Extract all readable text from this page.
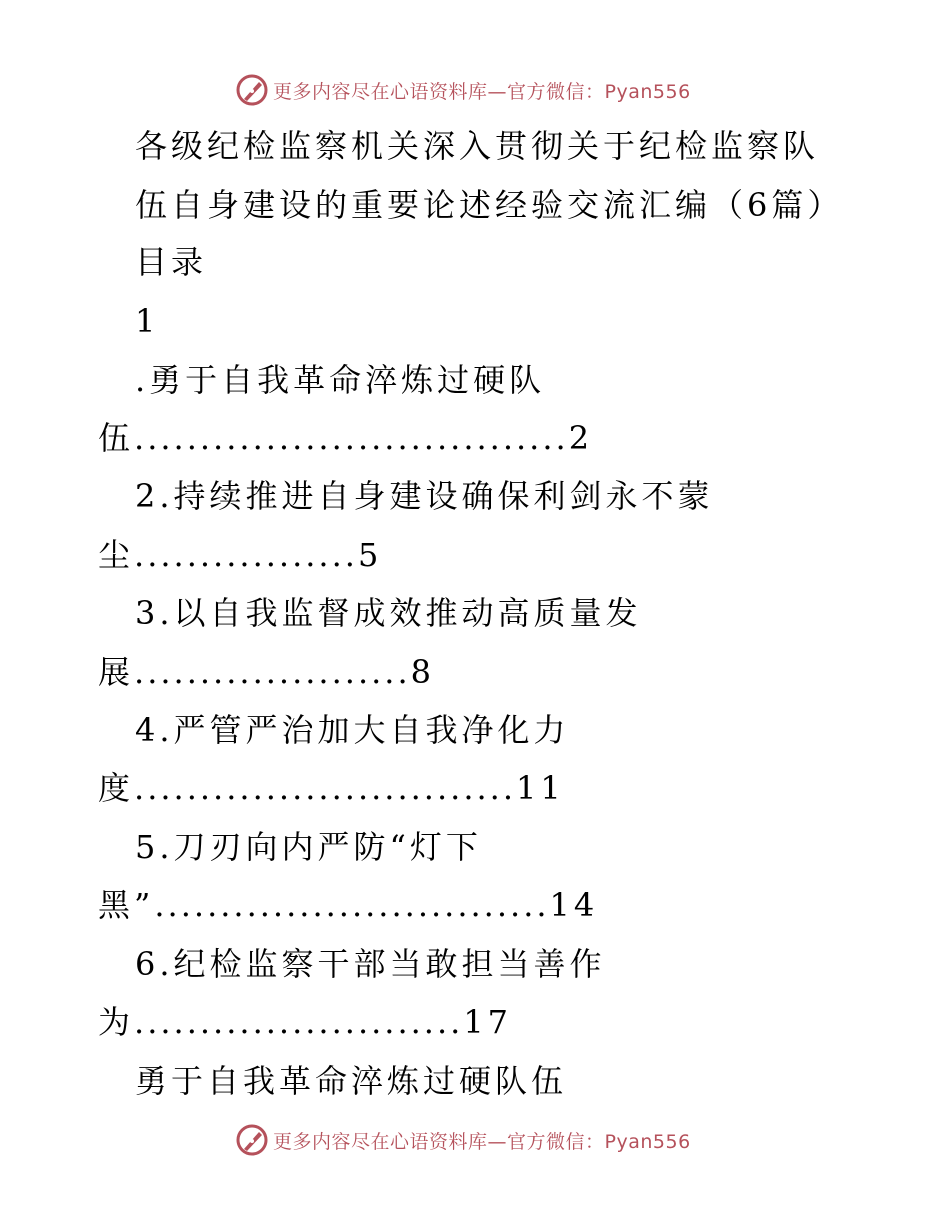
更多内容尽在心语资料库—官方微信：Pyan556
各级纪检监察机关深入贯彻关于纪检监察队
伍自身建设的重要论述经验交流汇编（6篇）
目录
1
.勇于自我革命淬炼过硬队
伍.................................2
2.持续推进自身建设确保利剑永不蒙
尘.................5
3.以自我监督成效推动高质量发
展.....................8
4.严管严治加大自我净化力
度.............................11
5.刀刃向内严防“灯下
黑”..............................14
6.纪检监察干部当敢担当善作
为.........................17
勇于自我革命淬炼过硬队伍
更多内容尽在心语资料库—官方微信：Pyan556
